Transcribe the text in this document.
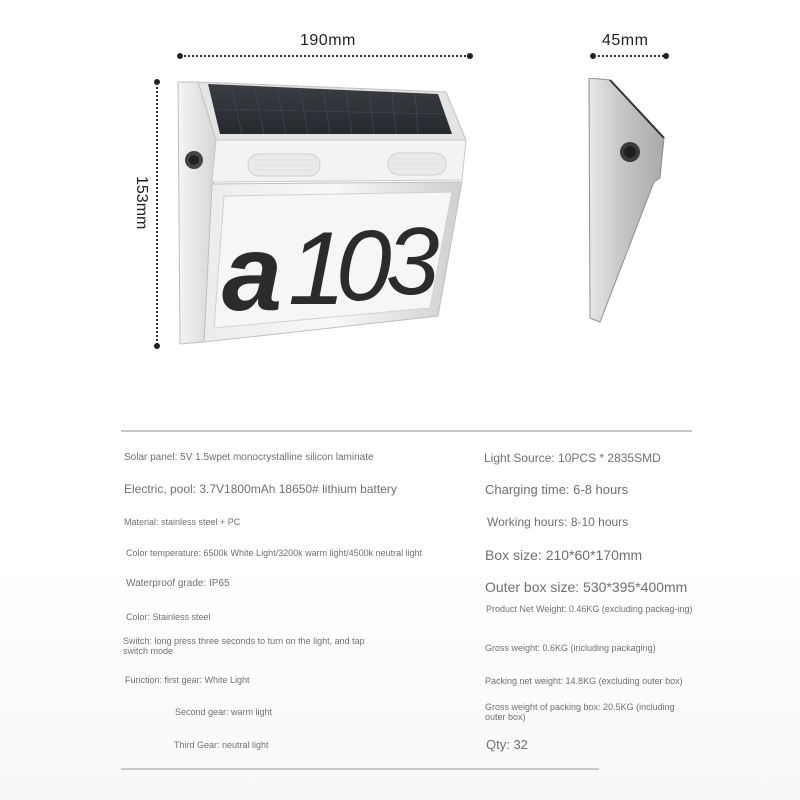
190mm
153mm
45mm
a 1
0
3
Solar panel: 5V 1.5wpet monocrystalline silicon laminate
Electric, pool: 3.7V1800mAh 18650# lithium battery
Material: stainless steel + PC
Color temperature: 6500k White Light/3200k warm light/4500k neutral light
Waterproof grade: IP65
Color: Stainless steel
Switch: long press three seconds to turn on the light, and tap switch mode
Function: first gear: White Light
Second gear: warm light
Third Gear: neutral light
Light Source: 10PCS * 2835SMD
Charging time: 6-8 hours
Working hours: 8-10 hours
Box size: 210*60*170mm
Outer box size: 530*395*400mm
Product Net Weight: 0.46KG (excluding packag-ing)
Gross weight: 0.6KG (including packaging)
Packing net weight: 14.8KG (excluding outer box)
Gross weight of packing box: 20.5KG (including outer box)
Qty: 32
